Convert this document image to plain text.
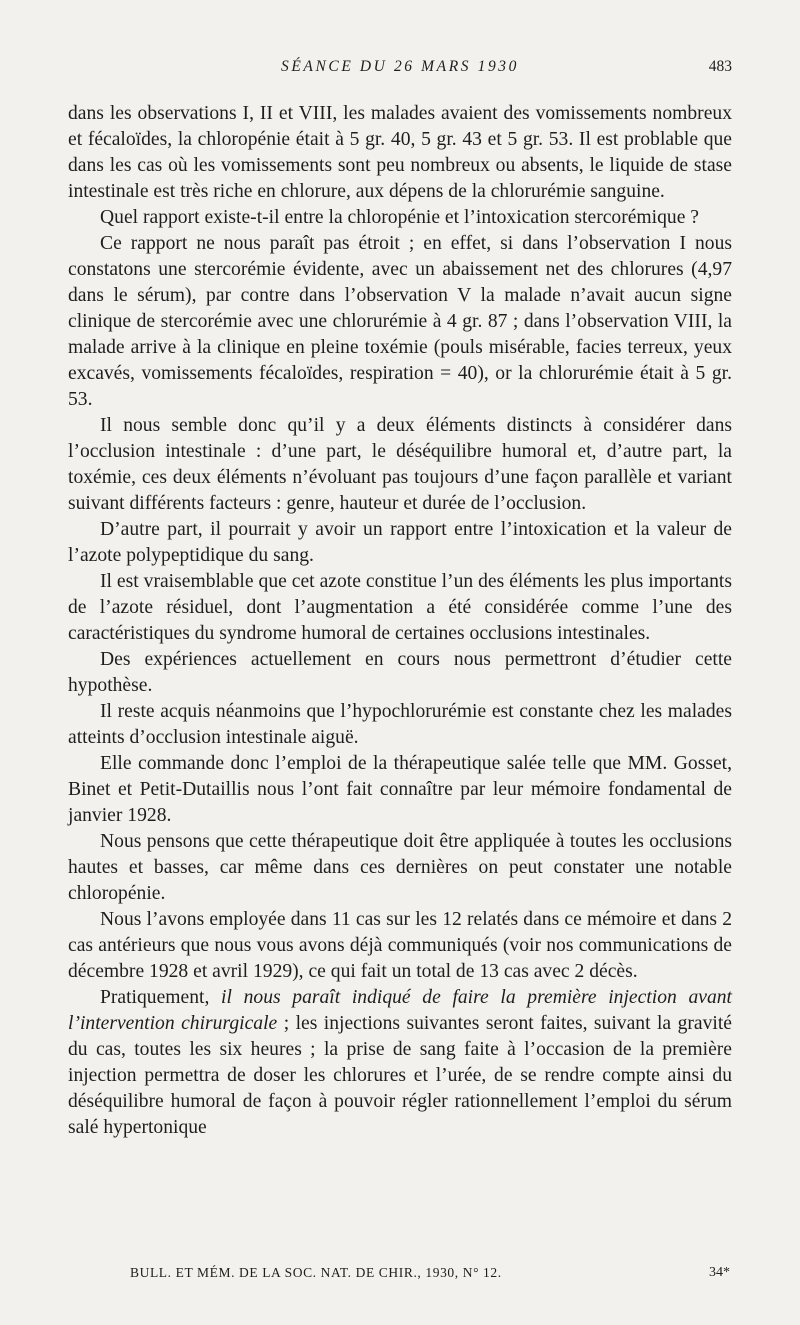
SÉANCE DU 26 MARS 1930	483

dans les observations I, II et VIII, les malades avaient des vomissements nombreux et fécaloïdes, la chloropénie était à 5 gr. 40, 5 gr. 43 et 5 gr. 53. Il est problable que dans les cas où les vomissements sont peu nombreux ou absents, le liquide de stase intestinale est très riche en chlorure, aux dépens de la chlorurémie sanguine.

Quel rapport existe-t-il entre la chloropénie et l’intoxication stercorémique ?

Ce rapport ne nous paraît pas étroit ; en effet, si dans l’observation I nous constatons une stercorémie évidente, avec un abaissement net des chlorures (4,97 dans le sérum), par contre dans l’observation V la malade n’avait aucun signe clinique de stercorémie avec une chlorurémie à 4 gr. 87 ; dans l’observation VIII, la malade arrive à la clinique en pleine toxémie (pouls misérable, facies terreux, yeux excavés, vomissements fécaloïdes, respiration = 40), or la chlorurémie était à 5 gr. 53.

Il nous semble donc qu’il y a deux éléments distincts à considérer dans l’occlusion intestinale : d’une part, le déséquilibre humoral et, d’autre part, la toxémie, ces deux éléments n’évoluant pas toujours d’une façon parallèle et variant suivant différents facteurs : genre, hauteur et durée de l’occlusion.

D’autre part, il pourrait y avoir un rapport entre l’intoxication et la valeur de l’azote polypeptidique du sang.

Il est vraisemblable que cet azote constitue l’un des éléments les plus importants de l’azote résiduel, dont l’augmentation a été considérée comme l’une des caractéristiques du syndrome humoral de certaines occlusions intestinales.

Des expériences actuellement en cours nous permettront d’étudier cette hypothèse.

Il reste acquis néanmoins que l’hypochlorurémie est constante chez les malades atteints d’occlusion intestinale aiguë.

Elle commande donc l’emploi de la thérapeutique salée telle que MM. Gosset, Binet et Petit-Dutaillis nous l’ont fait connaître par leur mémoire fondamental de janvier 1928.

Nous pensons que cette thérapeutique doit être appliquée à toutes les occlusions hautes et basses, car même dans ces dernières on peut constater une notable chloropénie.

Nous l’avons employée dans 11 cas sur les 12 relatés dans ce mémoire et dans 2 cas antérieurs que nous vous avons déjà communiqués (voir nos communications de décembre 1928 et avril 1929), ce qui fait un total de 13 cas avec 2 décès.

Pratiquement, il nous paraît indiqué de faire la première injection avant l’intervention chirurgicale ; les injections suivantes seront faites, suivant la gravité du cas, toutes les six heures ; la prise de sang faite à l’occasion de la première injection permettra de doser les chlorures et l’urée, de se rendre compte ainsi du déséquilibre humoral de façon à pouvoir régler rationnellement l’emploi du sérum salé hypertonique

BULL. ET MÉM. DE LA SOC. NAT. DE CHIR., 1930, N° 12.	34*
